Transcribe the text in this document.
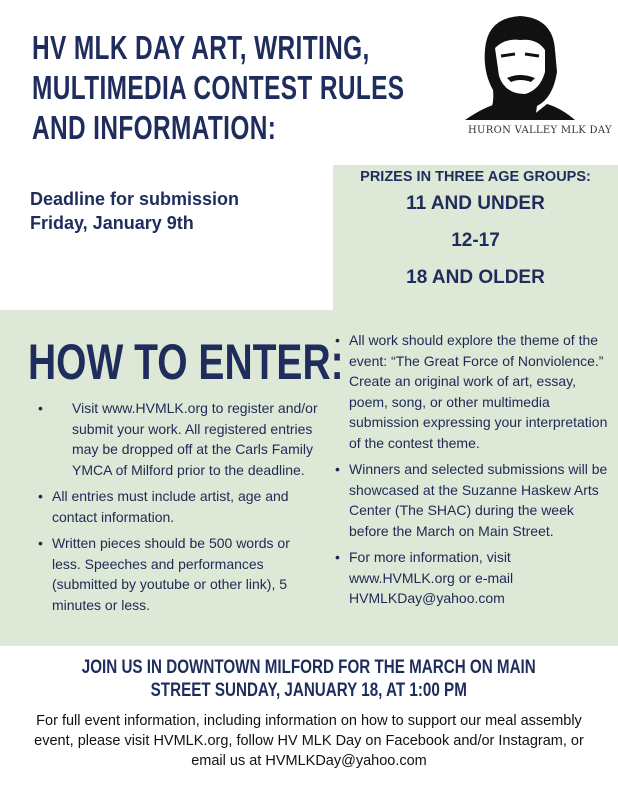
HV MLK DAY ART, WRITING,
MULTIMEDIA CONTEST RULES
AND INFORMATION:	HURON VALLEY MLK DAY
Deadline for submission
Friday, January 9th
PRIZES IN THREE AGE GROUPS:
11 AND UNDER
12-17
18 AND OLDER
HOW TO ENTER:
• Visit www.HVMLK.org to register and/or submit your work. All registered entries may be dropped off at the Carls Family YMCA of Milford prior to the deadline.
• All entries must include artist, age and contact information.
• Written pieces should be 500 words or less. Speeches and performances (submitted by youtube or other link), 5 minutes or less.
• All work should explore the theme of the event: “The Great Force of Nonviolence.” Create an original work of art, essay, poem, song, or other multimedia submission expressing your interpretation of the contest theme.
• Winners and selected submissions will be showcased at the Suzanne Haskew Arts Center (The SHAC) during the week before the March on Main Street.
• For more information, visit www.HVMLK.org or e-mail HVMLKDay@yahoo.com
JOIN US IN DOWNTOWN MILFORD FOR THE MARCH ON MAIN
STREET SUNDAY, JANUARY 18, AT 1:00 PM
For full event information, including information on how to support our meal assembly event, please visit HVMLK.org, follow HV MLK Day on Facebook and/or Instagram, or email us at HVMLKDay@yahoo.com
